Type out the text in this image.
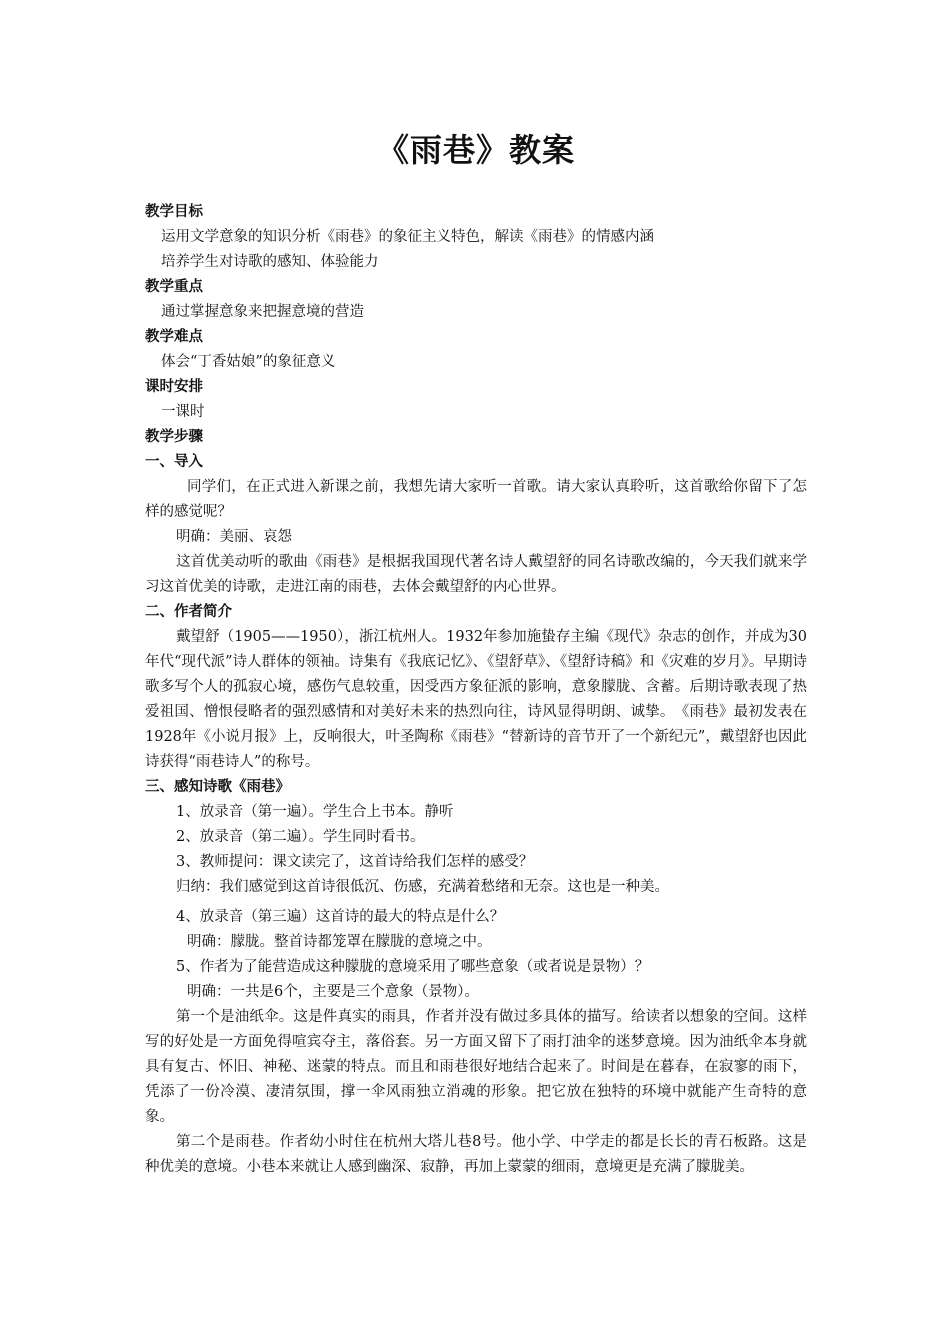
《雨巷》教案

教学目标

运用文学意象的知识分析《雨巷》的象征主义特色，解读《雨巷》的情感内涵

培养学生对诗歌的感知、体验能力

教学重点

通过掌握意象来把握意境的营造

教学难点

体会“丁香姑娘”的象征意义

课时安排

一课时

教学步骤

一、导入

同学们，在正式进入新课之前，我想先请大家听一首歌。请大家认真聆听，这首歌给你留下了怎样的感觉呢？

明确：美丽、哀怨

这首优美动听的歌曲《雨巷》是根据我国现代著名诗人戴望舒的同名诗歌改编的，今天我们就来学习这首优美的诗歌，走进江南的雨巷，去体会戴望舒的内心世界。

二、作者简介

戴望舒（1905——1950），浙江杭州人。1932年参加施蛰存主编《现代》杂志的创作，并成为30年代“现代派”诗人群体的领袖。诗集有《我底记忆》、《望舒草》、《望舒诗稿》和《灾难的岁月》。早期诗歌多写个人的孤寂心境，感伤气息较重，因受西方象征派的影响，意象朦胧、含蓄。后期诗歌表现了热爱祖国、憎恨侵略者的强烈感情和对美好未来的热烈向往，诗风显得明朗、诚挚。　《雨巷》最初发表在1928年《小说月报》上，反响很大，叶圣陶称《雨巷》“替新诗的音节开了一个新纪元”，戴望舒也因此诗获得“雨巷诗人”的称号。

三、感知诗歌《雨巷》

1、放录音（第一遍）。学生合上书本。静听

2、放录音（第二遍）。学生同时看书。

3、教师提问：课文读完了，这首诗给我们怎样的感受？

归纳：我们感觉到这首诗很低沉、伤感，充满着愁绪和无奈。这也是一种美。

4、放录音（第三遍）这首诗的最大的特点是什么？

明确：朦胧。整首诗都笼罩在朦胧的意境之中。

5、作者为了能营造成这种朦胧的意境采用了哪些意象（或者说是景物）？

明确：一共是6个，主要是三个意象（景物）。

第一个是油纸伞。这是件真实的雨具，作者并没有做过多具体的描写。给读者以想象的空间。这样写的好处是一方面免得喧宾夺主，落俗套。另一方面又留下了雨打油伞的迷梦意境。因为油纸伞本身就具有复古、怀旧、神秘、迷蒙的特点。而且和雨巷很好地结合起来了。时间是在暮春，在寂寥的雨下，凭添了一份冷漠、凄清氛围，撑一伞风雨独立消魂的形象。把它放在独特的环境中就能产生奇特的意象。

第二个是雨巷。作者幼小时住在杭州大塔儿巷8号。他小学、中学走的都是长长的青石板路。这是种优美的意境。小巷本来就让人感到幽深、寂静，再加上蒙蒙的细雨，意境更是充满了朦胧美。
